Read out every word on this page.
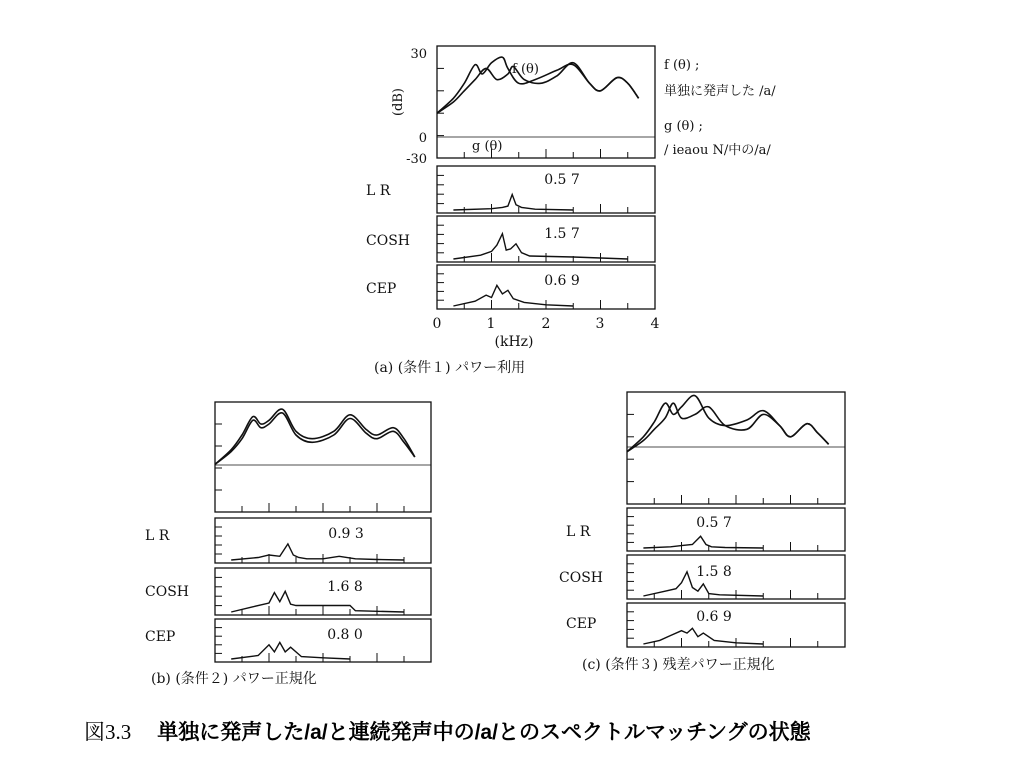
30
0
-30
(dB)
f (θ)
g (θ)
f (θ) ;
単独に発声した /a/
g (θ) ;
/ ieaou N/中の/a/
L R
COSH
CEP
0.5 7
1.5 7
0.6 9
0	1	2	3	4
(kHz)
(a) (条件１) パワー利用
L R
COSH
CEP
0.9 3
1.6 8
0.8 0
(b) (条件２) パワー正規化
L R
COSH
CEP
0.5 7
1.5 8
0.6 9
(c) (条件３) 残差パワー正規化
図3.3 単独に発声した/a/と連続発声中の/a/とのスペクトルマッチングの状態
